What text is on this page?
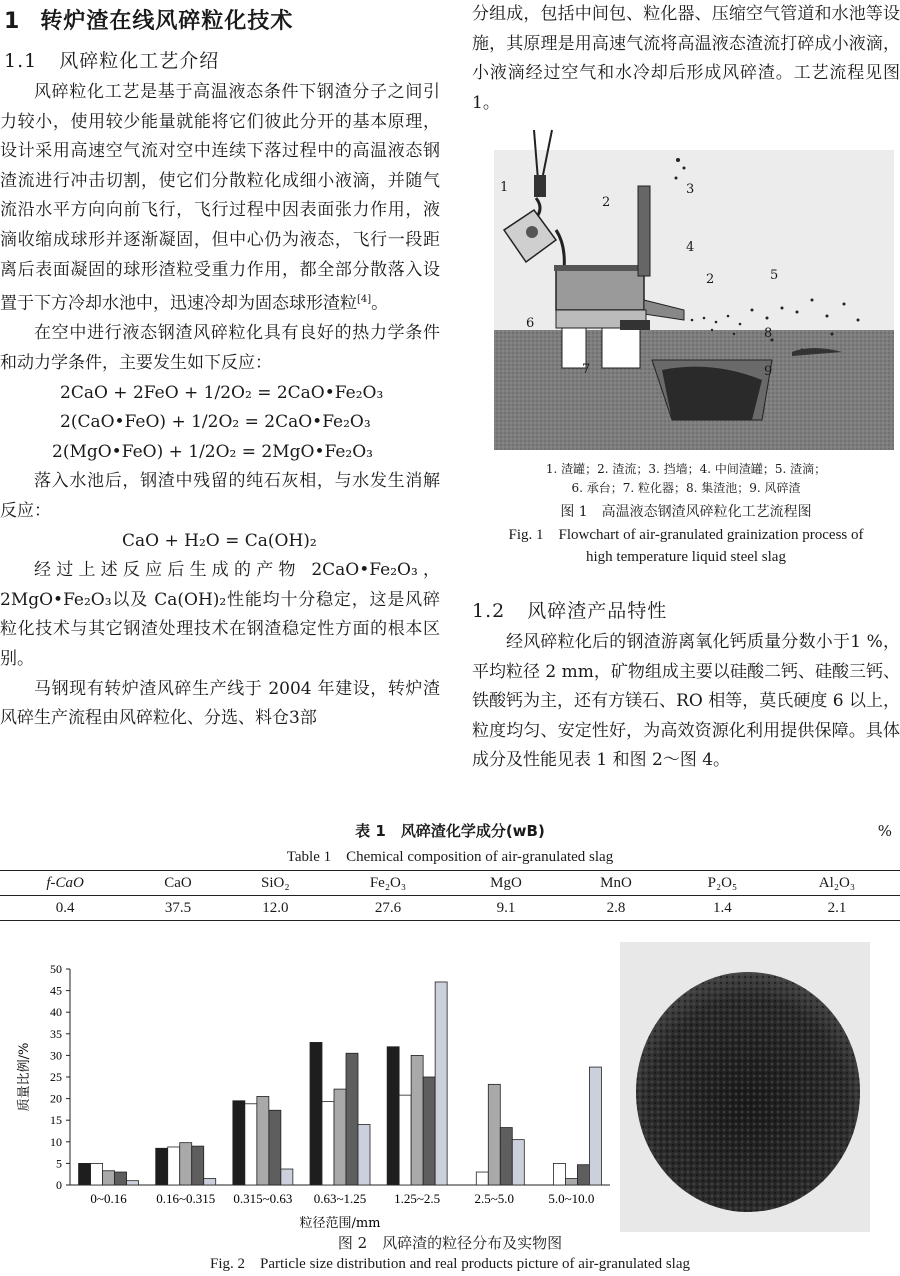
1 转炉渣在线风碎粒化技术
1.1 风碎粒化工艺介绍

风碎粒化工艺是基于高温液态条件下钢渣分子之间引力较小，使用较少能量就能将它们彼此分开的基本原理，设计采用高速空气流对空中连续下落过程中的高温液态钢渣流进行冲击切割，使它们分散粒化成细小液滴，并随气流沿水平方向向前飞行，飞行过程中因表面张力作用，液滴收缩成球形并逐渐凝固，但中心仍为液态，飞行一段距离后表面凝固的球形渣粒受重力作用，都全部分散落入设置于下方冷却水池中，迅速冷却为固态球形渣粒[4]。

在空中进行液态钢渣风碎粒化具有良好的热力学条件和动力学条件，主要发生如下反应：

2CaO + 2FeO + 1/2O₂ = 2CaO•Fe₂O₃

2(CaO•FeO) + 1/2O₂ = 2CaO•Fe₂O₃

2(MgO•FeO) + 1/2O₂ = 2MgO•Fe₂O₃

落入水池后，钢渣中残留的纯石灰相，与水发生消解反应：

CaO + H₂O = Ca(OH)₂

经过上述反应后生成的产物 2CaO•Fe₂O₃，2MgO•Fe₂O₃以及 Ca(OH)₂性能均十分稳定，这是风碎粒化技术与其它钢渣处理技术在钢渣稳定性方面的根本区别。

马钢现有转炉渣风碎生产线于 2004 年建设，转炉渣风碎生产流程由风碎粒化、分选、料仓3部

分组成，包括中间包、粒化器、压缩空气管道和水池等设施，其原理是用高速气流将高温液态渣流打碎成小液滴，小液滴经过空气和水冷却后形成风碎渣。工艺流程见图 1。

1
2
3
4
2	5
6
7
8
9
1. 渣罐；2. 渣流；3. 挡墙；4. 中间渣罐；5. 渣滴；
6. 承台；7. 粒化器；8. 集渣池；9. 风碎渣
图 1　高温液态钢渣风碎粒化工艺流程图
Fig. 1　Flowchart of air-granulated grainization process of
high temperature liquid steel slag
1.2 风碎渣产品特性

经风碎粒化后的钢渣游离氧化钙质量分数小于1 %，平均粒径 2 mm，矿物组成主要以硅酸二钙、硅酸三钙、铁酸钙为主，还有方镁石、RO 相等，莫氏硬度 6 以上，粒度均匀、安定性好，为高效资源化利用提供保障。具体成分及性能见表 1 和图 2～图 4。

表 1　风碎渣化学成分(wB)	%
Table 1　Chemical composition of air-granulated slag
f-CaO	CaO	SiO₂	Fe₂O₃	MgO	MnO	P₂O₅	Al₂O₃
0.4	37.5	12.0	27.6	9.1	2.8	1.4	2.1
0
5
10
15
20
25
30
35
40
45
50
0~0.16 0.16~0.315 0.315~0.63 0.63~1.25 1.25~2.5	2.5~5.0	5.0~10.0
粒径范围/mm
质量比例/%
图 2　风碎渣的粒径分布及实物图
Fig. 2　Particle size distribution and real products picture of air-granulated slag
